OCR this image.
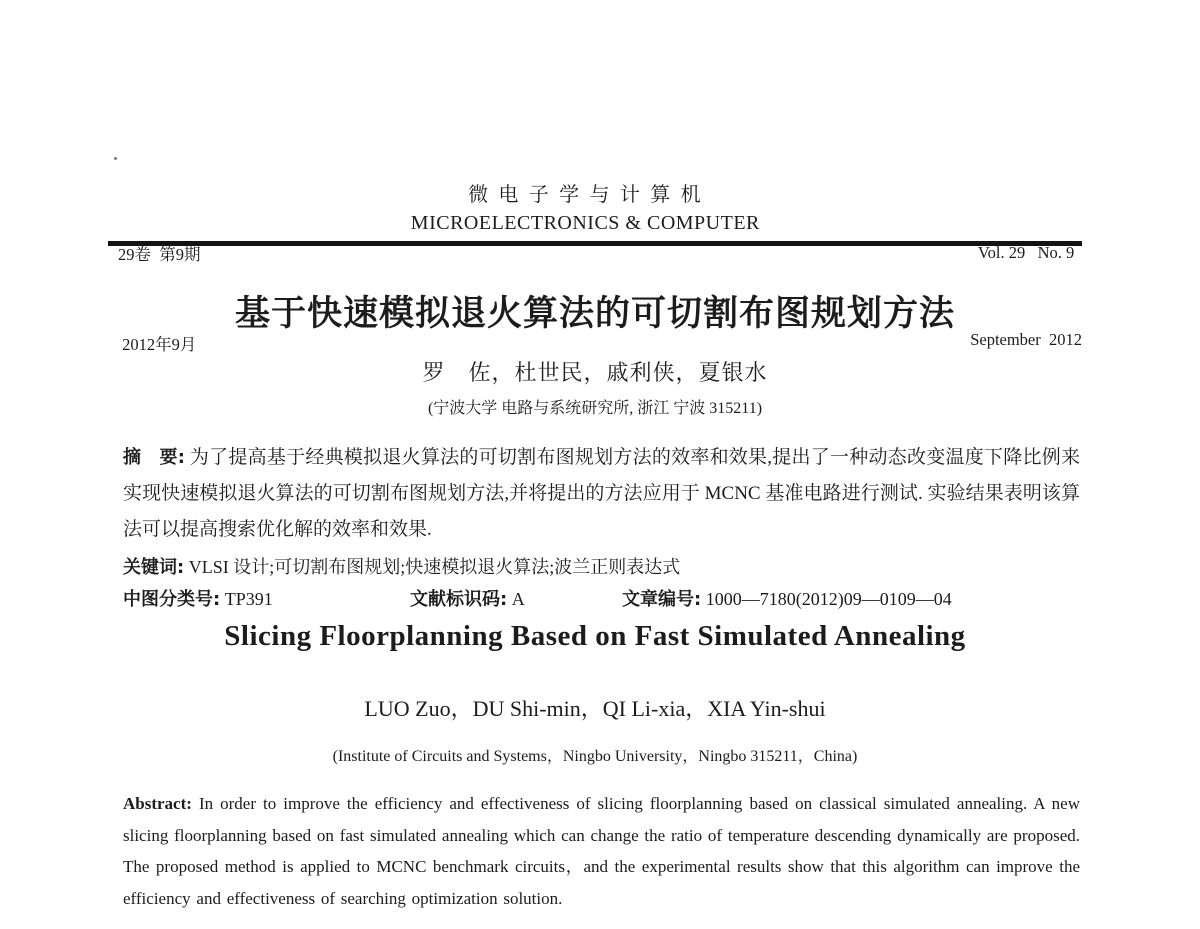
29卷  第9期

2012年9月

微 电 子 学 与 计 算 机
MICROELECTRONICS & COMPUTER

Vol. 29   No. 9

September  2012

基于快速模拟退火算法的可切割布图规划方法
罗　佐，杜世民，戚利侠，夏银水
(宁波大学 电路与系统研究所, 浙江 宁波 315211)

摘　要: 为了提高基于经典模拟退火算法的可切割布图规划方法的效率和效果,提出了一种动态改变温度下降比例来实现快速模拟退火算法的可切割布图规划方法,并将提出的方法应用于 MCNC 基准电路进行测试. 实验结果表明该算法可以提高搜索优化解的效率和效果.

关键词: VLSI 设计;可切割布图规划;快速模拟退火算法;波兰正则表达式

中图分类号: TP391	文献标识码: A	文章编号: 1000—7180(2012)09—0109—04
Slicing Floorplanning Based on Fast Simulated Annealing
LUO Zuo，DU Shi-min，QI Li-xia，XIA Yin-shui
(Institute of Circuits and Systems，Ningbo University，Ningbo 315211，China)

Abstract: In order to improve the efficiency and effectiveness of slicing floorplanning based on classical simulated annealing. A new slicing floorplanning based on fast simulated annealing which can change the ratio of temperature descending dynamically are proposed. The proposed method is applied to MCNC benchmark circuits，and the experimental results show that this algorithm can improve the efficiency and effectiveness of searching optimization solution.
